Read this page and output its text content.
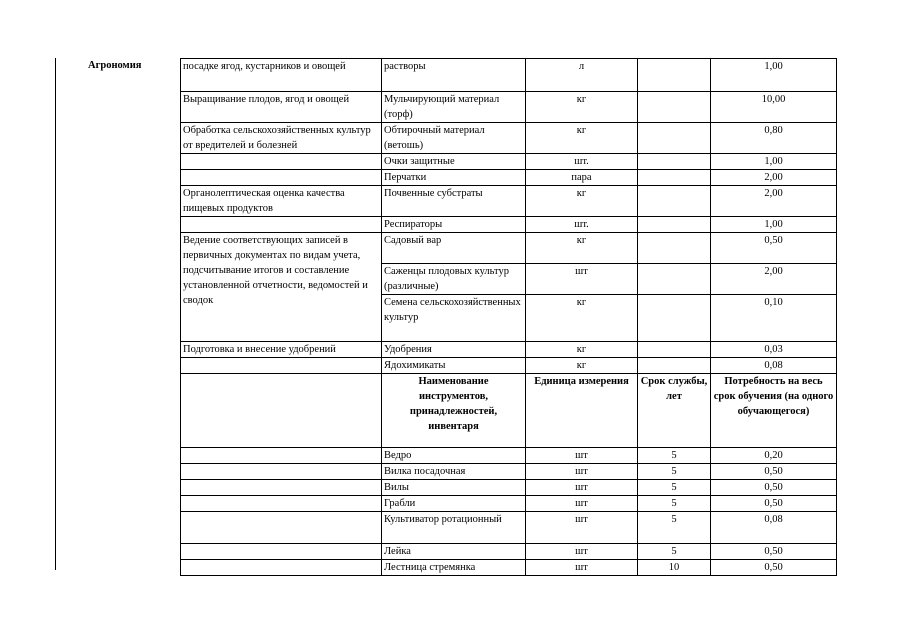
Агрономия	посадке ягод, кустарников и овощей	растворы	л		1,00
Выращивание плодов, ягод и овощей	Мульчирующий материал (торф)	кг		10,00
Обработка сельскохозяйственных культур от вредителей и болезней	Обтирочный материал (ветошь)	кг		0,80
	Очки защитные	шт.		1,00
	Перчатки	пара		2,00
Органолептическая оценка качества пищевых продуктов	Почвенные субстраты	кг		2,00
	Респираторы	шт.		1,00
Ведение соответствующих записей в первичных документах по видам учета, подсчитывание итогов и составление установленной отчетности, ведомостей и сводок	Садовый вар	кг		0,50
	Саженцы плодовых культур (различные)	шт		2,00
	Семена сельскохозяйственных культур	кг		0,10
Подготовка и внесение удобрений	Удобрения	кг		0,03
	Ядохимикаты	кг		0,08
	Наименование инструментов, принадлежностей, инвентаря	Единица измерения	Срок службы, лет	Потребность на весь срок обучения (на одного обучающегося)
	Ведро	шт	5	0,20
	Вилка посадочная	шт	5	0,50
	Вилы	шт	5	0,50
	Грабли	шт	5	0,50
	Культиватор ротационный	шт	5	0,08
	Лейка	шт	5	0,50
	Лестница стремянка	шт	10	0,50
